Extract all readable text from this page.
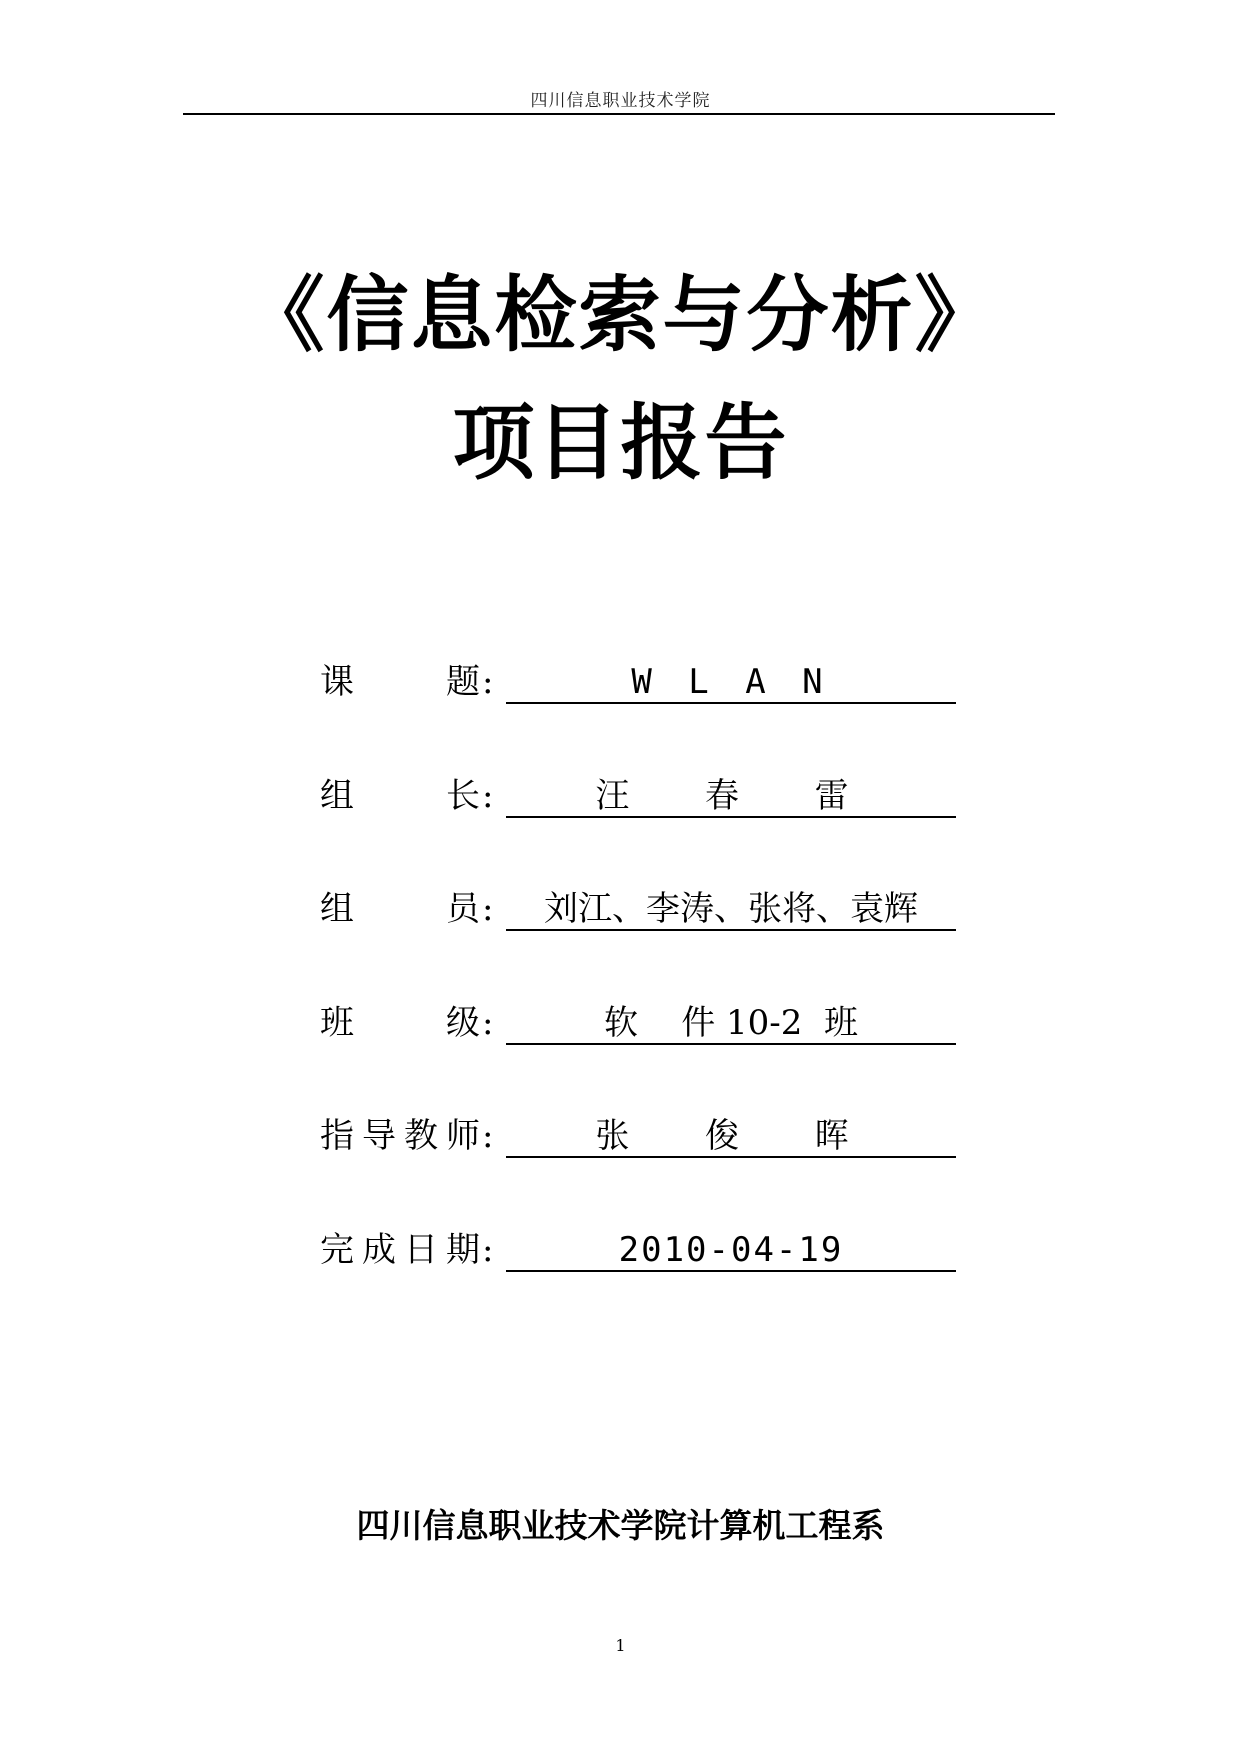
四川信息职业技术学院
《信息检索与分析》
项目报告
课	题 :	W L A N
组	长 :	汪  春  雷
组	员 :	刘江、李涛、张将、袁辉
班	级 :	软    件 10-2  班
指 导 教 师 :	张  俊  晖
完 成 日 期 :	2010-04-19
四川信息职业技术学院计算机工程系
1
